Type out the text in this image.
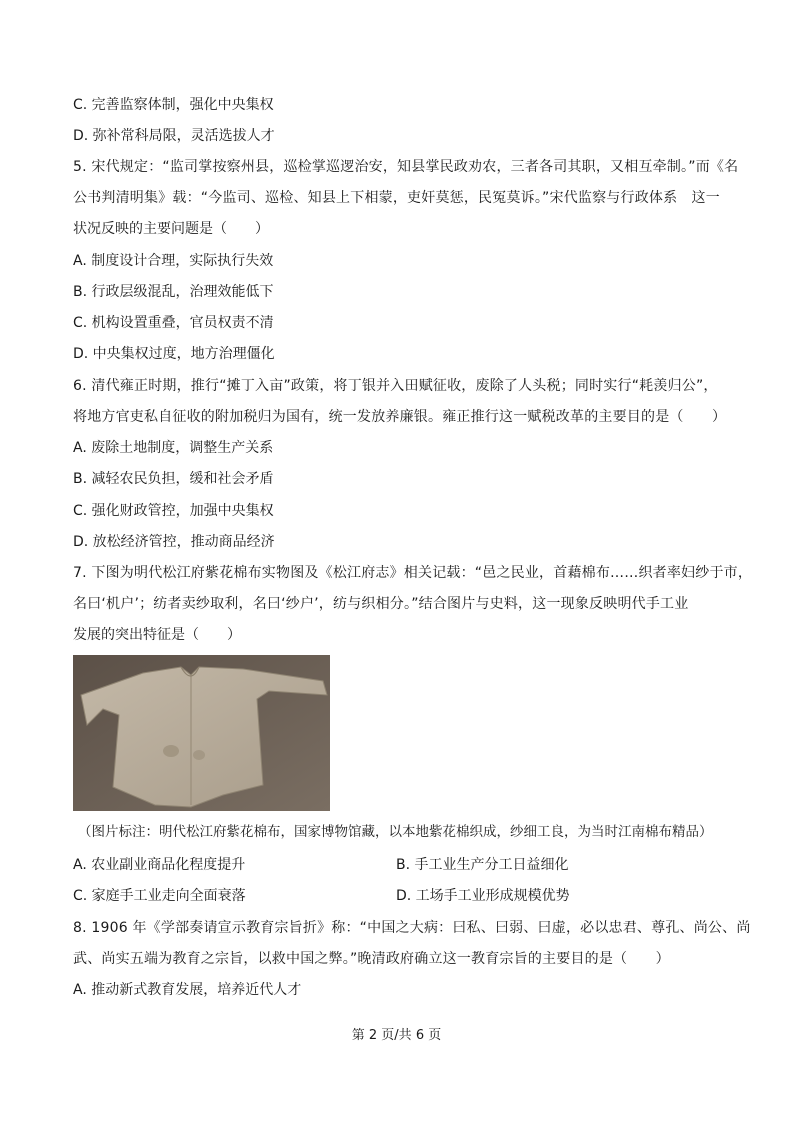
C. 完善监察体制，强化中央集权
D. 弥补常科局限，灵活选拔人才
5. 宋代规定：“监司掌按察州县，巡检掌巡逻治安，知县掌民政劝农，三者各司其职，又相互牵制。”而《名
公书判清明集》载：“今监司、巡检、知县上下相蒙，吏奸莫惩，民冤莫诉。”宋代监察与行政体系　这一
状况反映的主要问题是（　　）
A. 制度设计合理，实际执行失效
B. 行政层级混乱，治理效能低下
C. 机构设置重叠，官员权责不清
D. 中央集权过度，地方治理僵化
6. 清代雍正时期，推行“摊丁入亩”政策，将丁银并入田赋征收，废除了人头税；同时实行“耗羡归公”，
将地方官吏私自征收的附加税归为国有，统一发放养廉银。雍正推行这一赋税改革的主要目的是（　　）
A. 废除土地制度，调整生产关系
B. 减轻农民负担，缓和社会矛盾
C. 强化财政管控，加强中央集权
D. 放松经济管控，推动商品经济
7. 下图为明代松江府紫花棉布实物图及《松江府志》相关记载：“邑之民业，首藉棉布……织者率妇纱于市，
名曰‘机户’；纺者卖纱取利，名曰‘纱户’，纺与织相分。”结合图片与史料，这一现象反映明代手工业
发展的突出特征是（　　）
（图片标注：明代松江府紫花棉布，国家博物馆藏，以本地紫花棉织成，纱细工良，为当时江南棉布精品）
A. 农业副业商品化程度提升	B. 手工业生产分工日益细化
C. 家庭手工业走向全面衰落	D. 工场手工业形成规模优势
8. 1906 年《学部奏请宣示教育宗旨折》称：“中国之大病：曰私、曰弱、曰虚，必以忠君、尊孔、尚公、尚
武、尚实五端为教育之宗旨，以救中国之弊。”晚清政府确立这一教育宗旨的主要目的是（　　）
A. 推动新式教育发展，培养近代人才
第 2 页/共 6 页
